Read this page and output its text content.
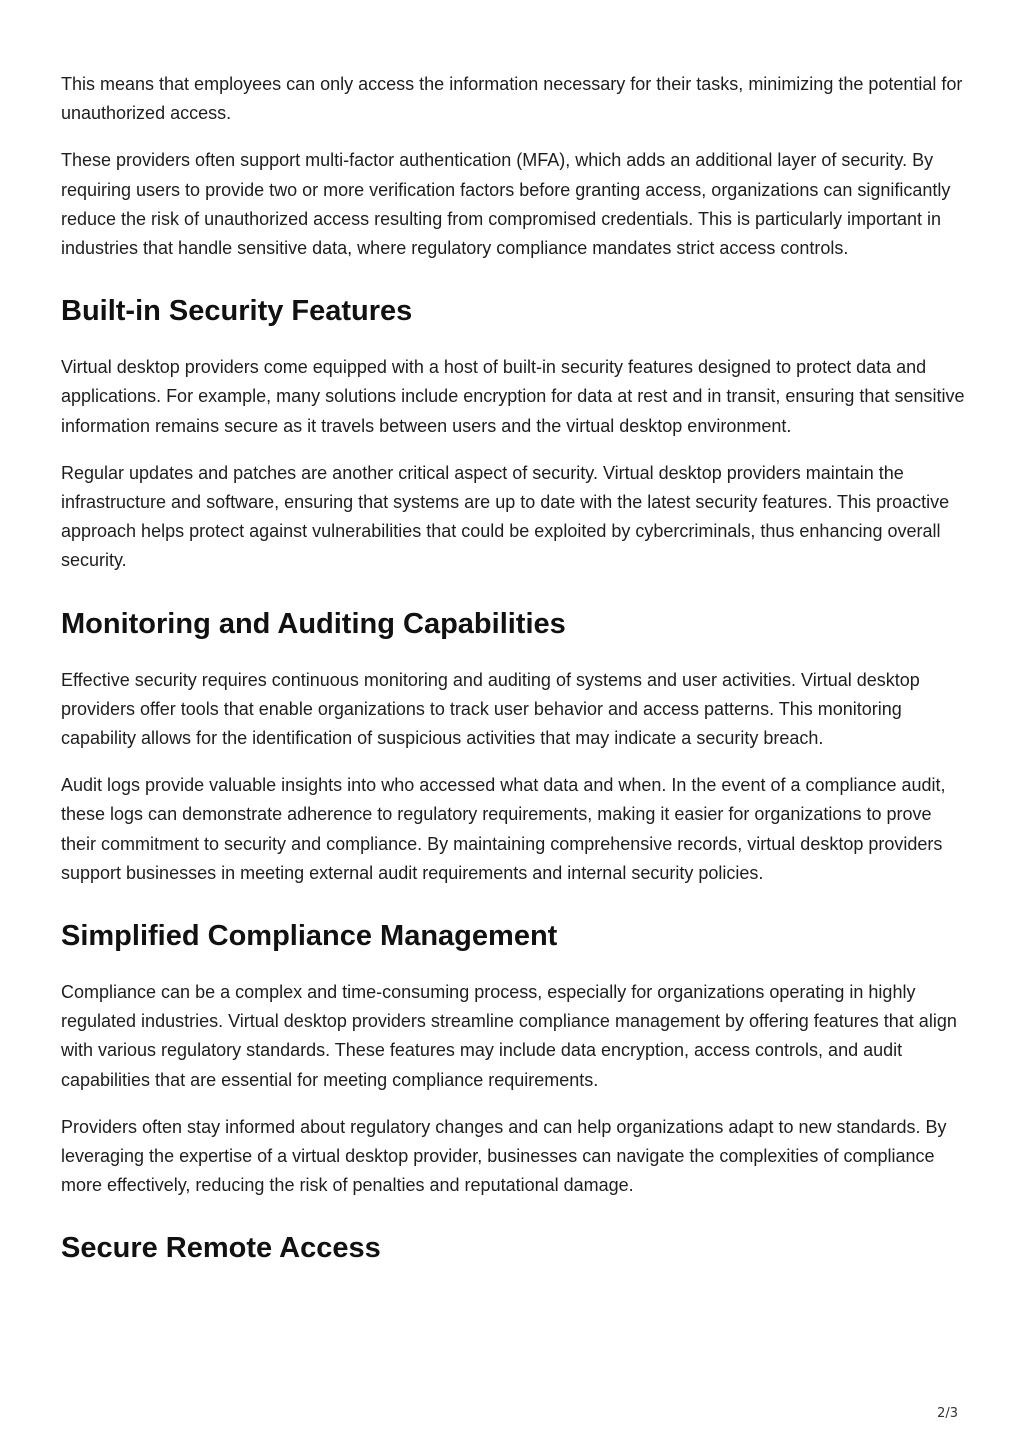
This means that employees can only access the information necessary for their tasks, minimizing the potential for unauthorized access.

These providers often support multi-factor authentication (MFA), which adds an additional layer of security. By requiring users to provide two or more verification factors before granting access, organizations can significantly reduce the risk of unauthorized access resulting from compromised credentials. This is particularly important in industries that handle sensitive data, where regulatory compliance mandates strict access controls.

Built-in Security Features

Virtual desktop providers come equipped with a host of built-in security features designed to protect data and applications. For example, many solutions include encryption for data at rest and in transit, ensuring that sensitive information remains secure as it travels between users and the virtual desktop environment.

Regular updates and patches are another critical aspect of security. Virtual desktop providers maintain the infrastructure and software, ensuring that systems are up to date with the latest security features. This proactive approach helps protect against vulnerabilities that could be exploited by cybercriminals, thus enhancing overall security.

Monitoring and Auditing Capabilities

Effective security requires continuous monitoring and auditing of systems and user activities. Virtual desktop providers offer tools that enable organizations to track user behavior and access patterns. This monitoring capability allows for the identification of suspicious activities that may indicate a security breach.

Audit logs provide valuable insights into who accessed what data and when. In the event of a compliance audit, these logs can demonstrate adherence to regulatory requirements, making it easier for organizations to prove their commitment to security and compliance. By maintaining comprehensive records, virtual desktop providers support businesses in meeting external audit requirements and internal security policies.

Simplified Compliance Management

Compliance can be a complex and time-consuming process, especially for organizations operating in highly regulated industries. Virtual desktop providers streamline compliance management by offering features that align with various regulatory standards. These features may include data encryption, access controls, and audit capabilities that are essential for meeting compliance requirements.

Providers often stay informed about regulatory changes and can help organizations adapt to new standards. By leveraging the expertise of a virtual desktop provider, businesses can navigate the complexities of compliance more effectively, reducing the risk of penalties and reputational damage.

Secure Remote Access
2/3
